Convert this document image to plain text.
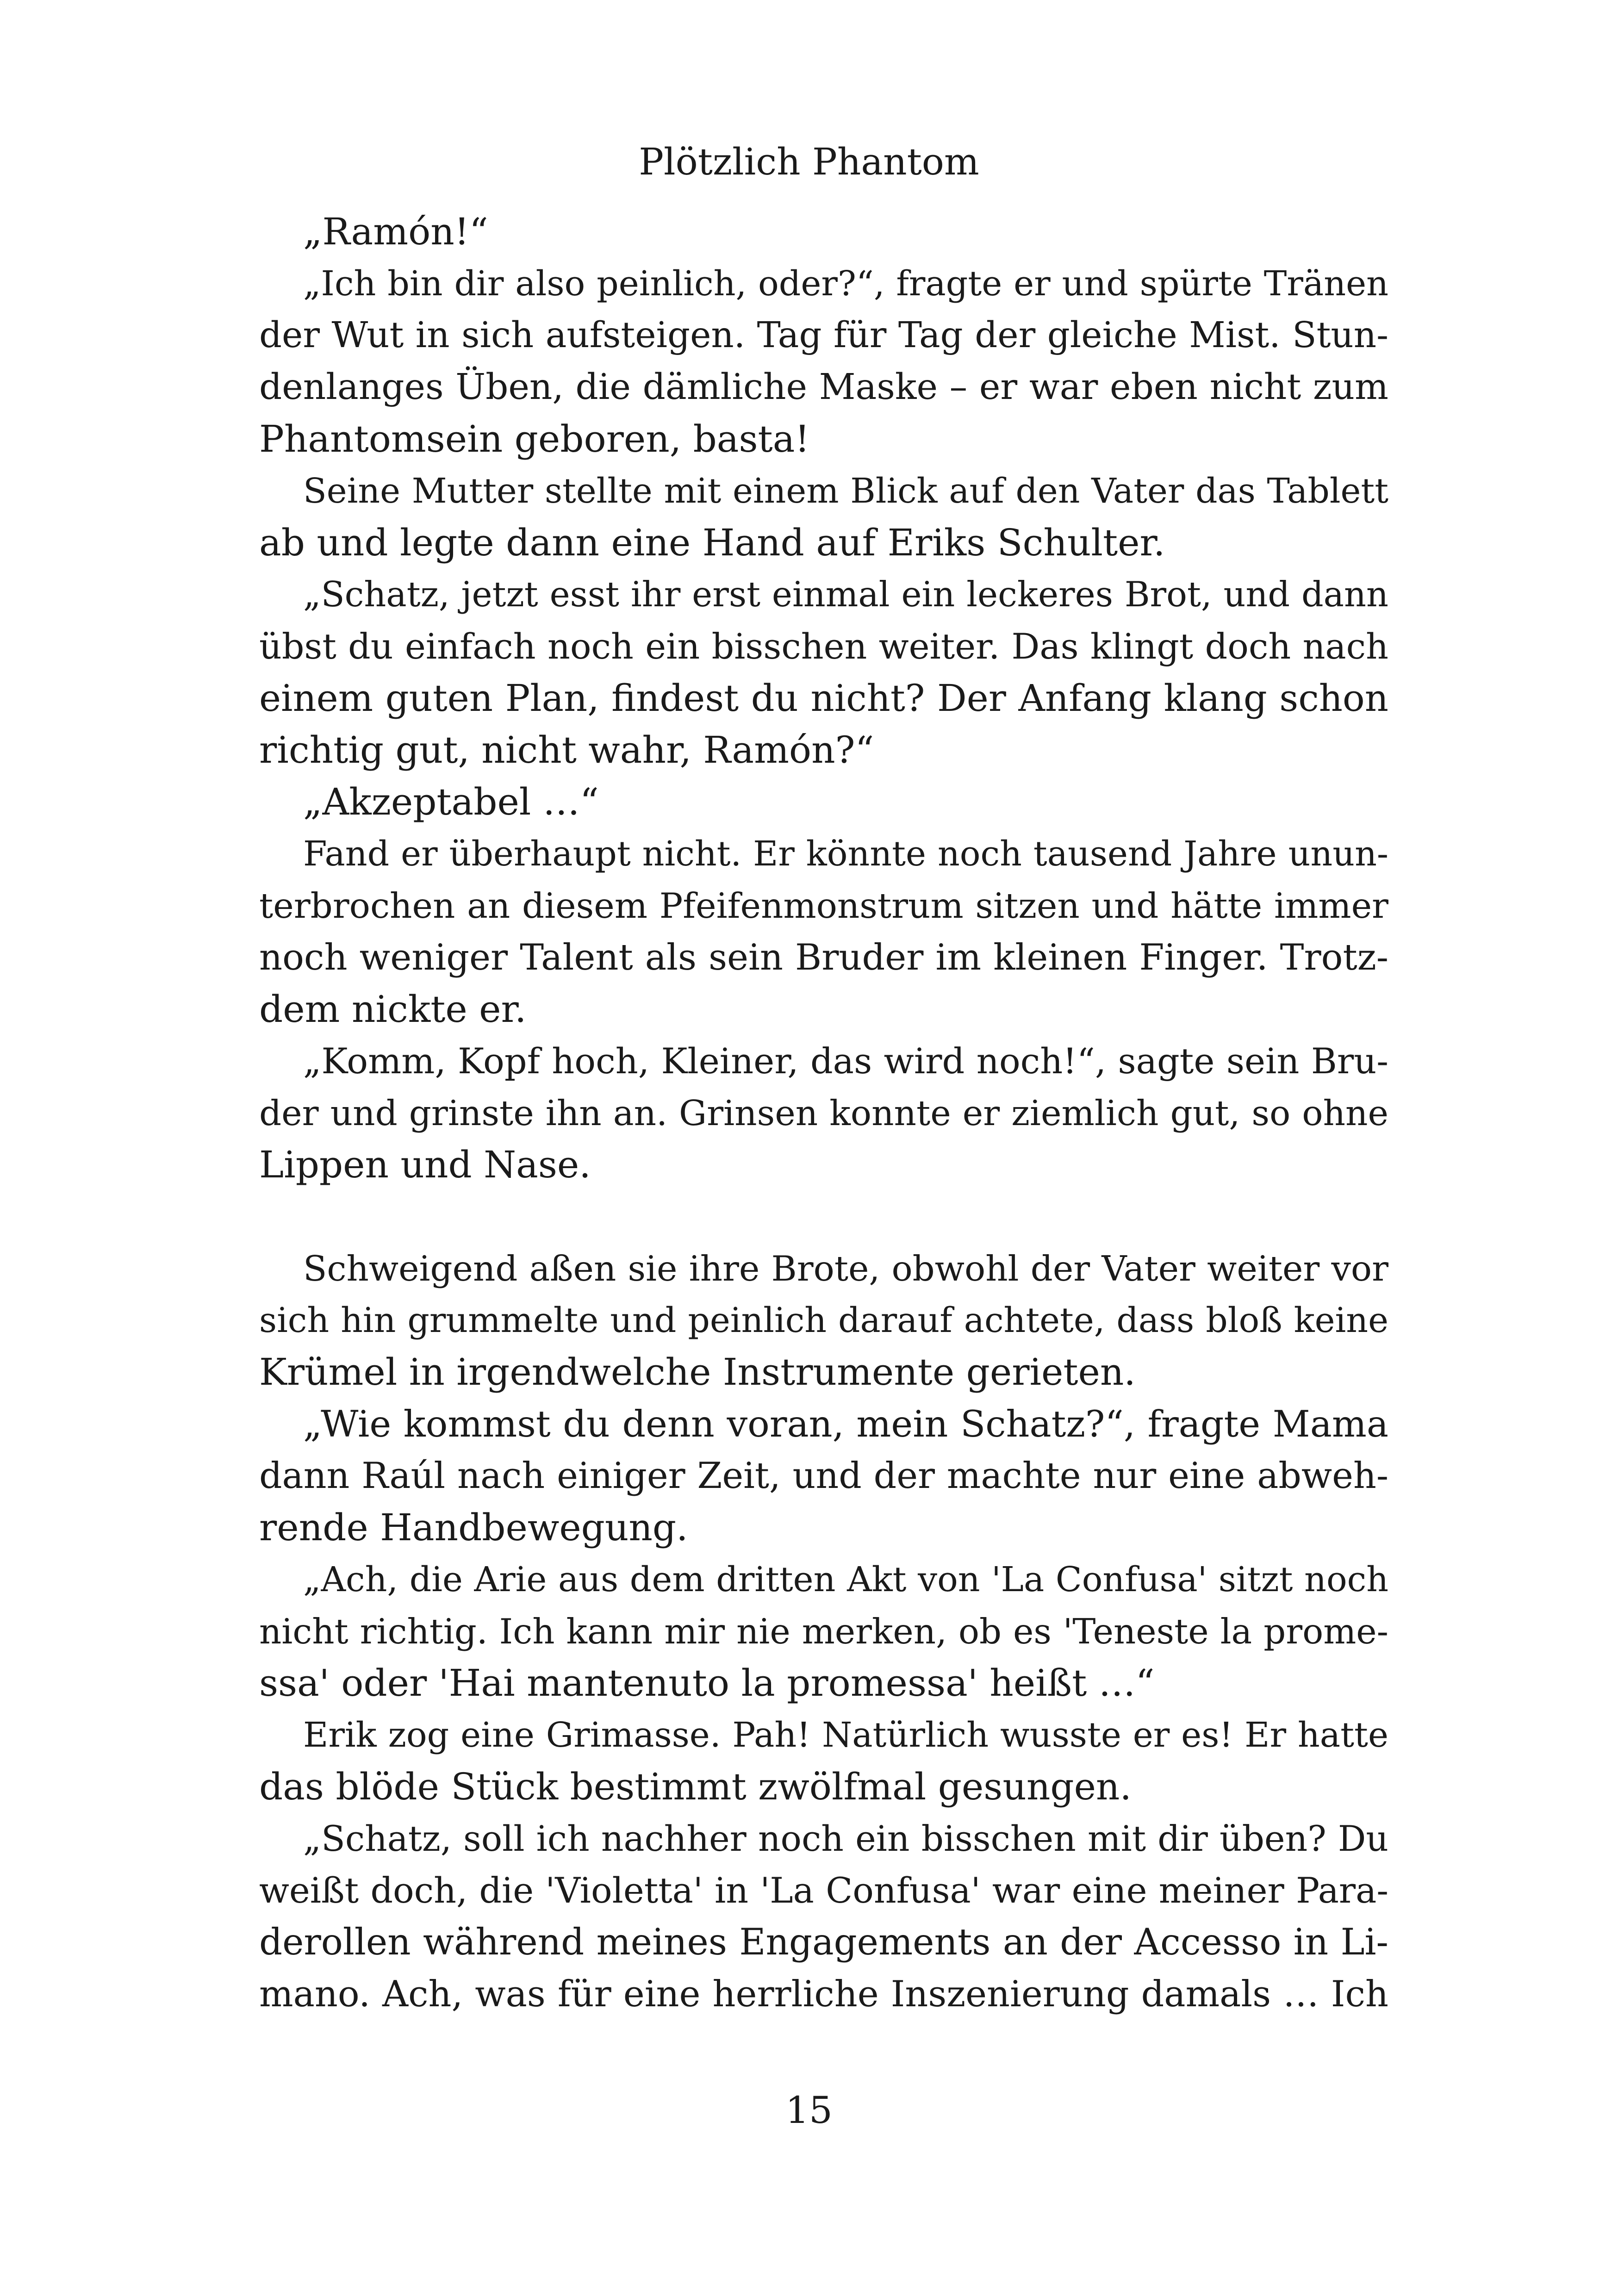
Plötzlich Phantom
„Ramón!“
„Ich bin dir also peinlich, oder?“, fragte er und spürte Tränen
der Wut in sich aufsteigen. Tag für Tag der gleiche Mist. Stun-
denlanges Üben, die dämliche Maske – er war eben nicht zum
Phantomsein geboren, basta!
Seine Mutter stellte mit einem Blick auf den Vater das Tablett
ab und legte dann eine Hand auf Eriks Schulter.
„Schatz, jetzt esst ihr erst einmal ein leckeres Brot, und dann
übst du einfach noch ein bisschen weiter. Das klingt doch nach
einem guten Plan, findest du nicht? Der Anfang klang schon
richtig gut, nicht wahr, Ramón?“
„Akzeptabel …“
Fand er überhaupt nicht. Er könnte noch tausend Jahre unun-
terbrochen an diesem Pfeifenmonstrum sitzen und hätte immer
noch weniger Talent als sein Bruder im kleinen Finger. Trotz-
dem nickte er.
„Komm, Kopf hoch, Kleiner, das wird noch!“, sagte sein Bru-
der und grinste ihn an. Grinsen konnte er ziemlich gut, so ohne
Lippen und Nase.
Schweigend aßen sie ihre Brote, obwohl der Vater weiter vor
sich hin grummelte und peinlich darauf achtete, dass bloß keine
Krümel in irgendwelche Instrumente gerieten.
„Wie kommst du denn voran, mein Schatz?“, fragte Mama
dann Raúl nach einiger Zeit, und der machte nur eine abweh-
rende Handbewegung.
„Ach, die Arie aus dem dritten Akt von 'La Confusa' sitzt noch
nicht richtig. Ich kann mir nie merken, ob es 'Teneste la prome-
ssa' oder 'Hai mantenuto la promessa' heißt …“
Erik zog eine Grimasse. Pah! Natürlich wusste er es! Er hatte
das blöde Stück bestimmt zwölfmal gesungen.
„Schatz, soll ich nachher noch ein bisschen mit dir üben? Du
weißt doch, die 'Violetta' in 'La Confusa' war eine meiner Para-
derollen während meines Engagements an der Accesso in Li-
mano. Ach, was für eine herrliche Inszenierung damals … Ich
15
